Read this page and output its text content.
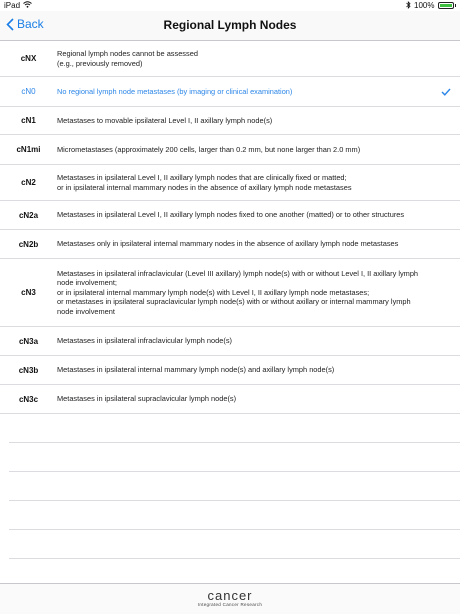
iPad	100%
Back	Regional Lymph Nodes
cNX
Regional lymph nodes cannot be assessed
(e.g., previously removed)
cN0	No regional lymph node metastases (by imaging or clinical examination)
cN1	Metastases to movable ipsilateral Level I, II axillary lymph node(s)
cN1mi	Micrometastases (approximately 200 cells, larger than 0.2 mm, but none larger than 2.0 mm)
cN2
Metastases in ipsilateral Level I, II axillary lymph nodes that are clinically fixed or matted;
or in ipsilateral internal mammary nodes in the absence of axillary lymph node metastases
cN2a	Metastases in ipsilateral Level I, II axillary lymph nodes fixed to one another (matted) or to other structures
cN2b	Metastases only in ipsilateral internal mammary nodes in the absence of axillary lymph node metastases
cN3
Metastases in ipsilateral infraclavicular (Level III axillary) lymph node(s) with or without Level I, II axillary lymph node involvement;
or in ipsilateral internal mammary lymph node(s) with Level I, II axillary lymph node metastases;
or metastases in ipsilateral supraclavicular lymph node(s) with or without axillary or internal mammary lymph node involvement
cN3a	Metastases in ipsilateral infraclavicular lymph node(s)
cN3b	Metastases in ipsilateral internal mammary lymph node(s) and axillary lymph node(s)
cN3c	Metastases in ipsilateral supraclavicular lymph node(s)
cancer
Integrated Cancer Research
